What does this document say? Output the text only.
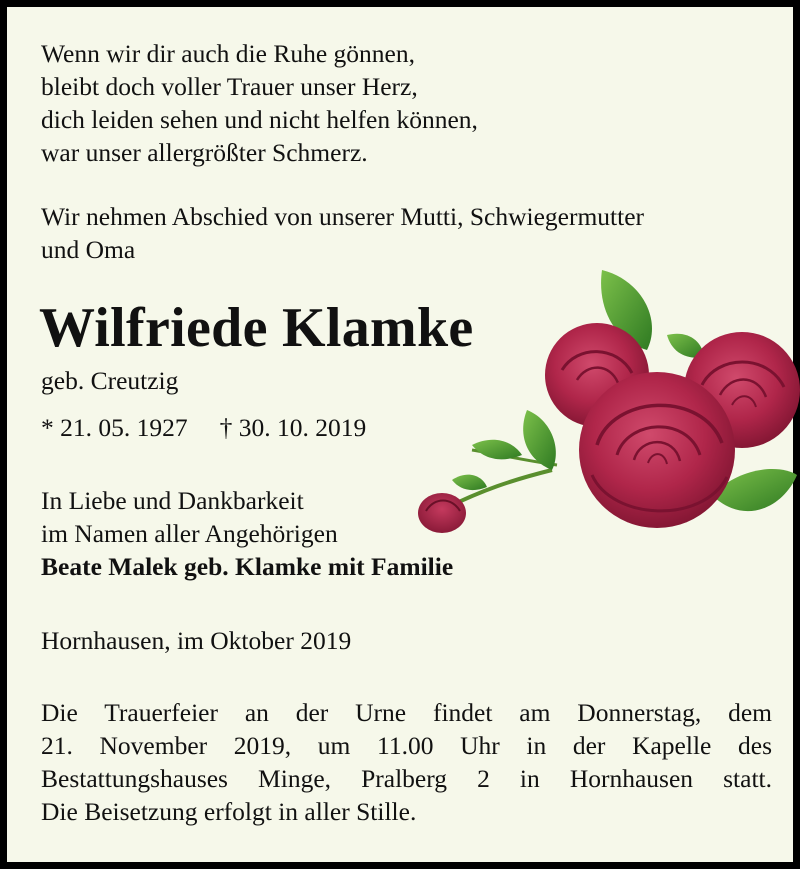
Wenn wir dir auch die Ruhe gönnen,
bleibt doch voller Trauer unser Herz,
dich leiden sehen und nicht helfen können,
war unser allergrößter Schmerz.
Wir nehmen Abschied von unserer Mutti, Schwiegermutter
und Oma
Wilfriede Klamke
geb. Creutzig
* 21. 05. 1927 † 30. 10. 2019
In Liebe und Dankbarkeit
im Namen aller Angehörigen
Beate Malek geb. Klamke mit Familie
Hornhausen, im Oktober 2019
Die Trauerfeier an der Urne findet am Donnerstag, dem
21. November 2019, um 11.00 Uhr in der Kapelle des
Bestattungshauses Minge, Pralberg 2 in Hornhausen statt.
Die Beisetzung erfolgt in aller Stille.
